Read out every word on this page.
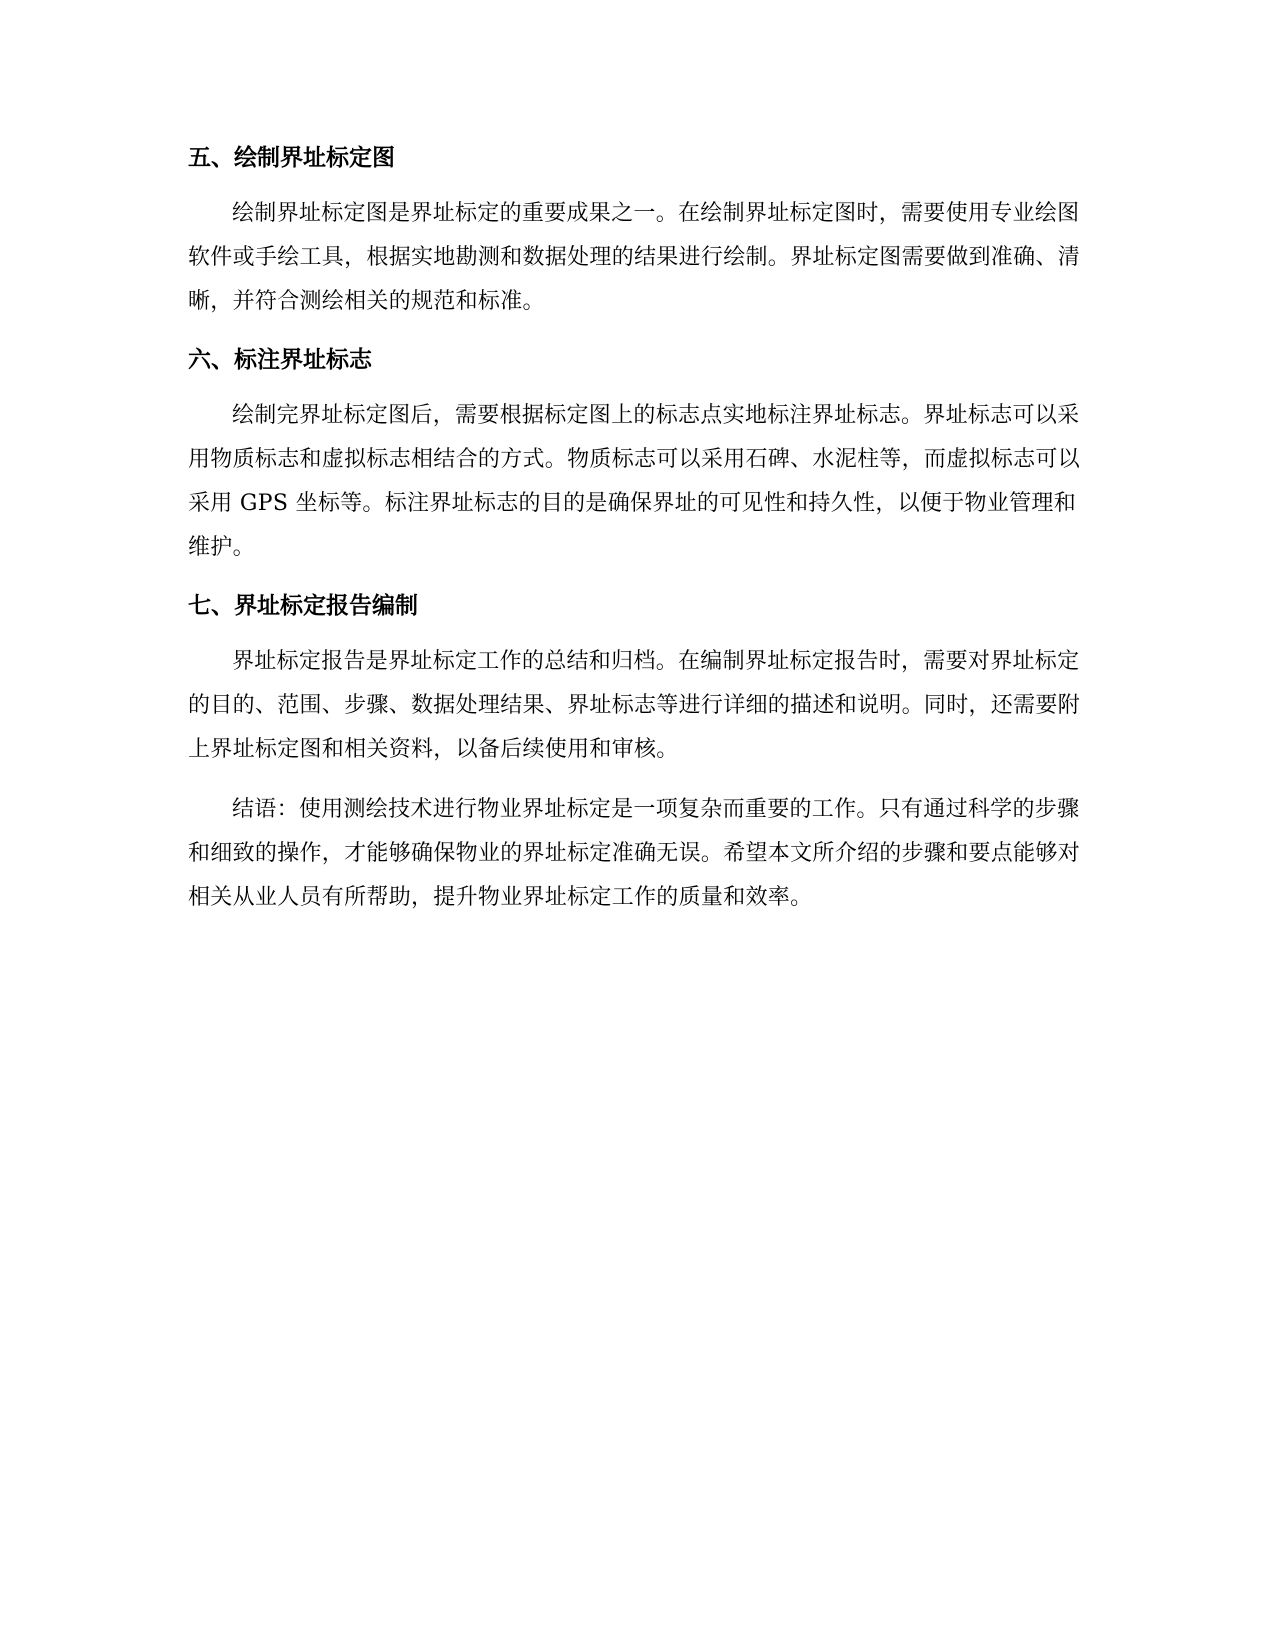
五、绘制界址标定图

绘制界址标定图是界址标定的重要成果之一。在绘制界址标定图时，需要使用专业绘图软件或手绘工具，根据实地勘测和数据处理的结果进行绘制。界址标定图需要做到准确、清晰，并符合测绘相关的规范和标准。

六、标注界址标志

绘制完界址标定图后，需要根据标定图上的标志点实地标注界址标志。界址标志可以采用物质标志和虚拟标志相结合的方式。物质标志可以采用石碑、水泥柱等，而虚拟标志可以采用 GPS 坐标等。标注界址标志的目的是确保界址的可见性和持久性，以便于物业管理和维护。

七、界址标定报告编制

界址标定报告是界址标定工作的总结和归档。在编制界址标定报告时，需要对界址标定的目的、范围、步骤、数据处理结果、界址标志等进行详细的描述和说明。同时，还需要附上界址标定图和相关资料，以备后续使用和审核。

结语：使用测绘技术进行物业界址标定是一项复杂而重要的工作。只有通过科学的步骤和细致的操作，才能够确保物业的界址标定准确无误。希望本文所介绍的步骤和要点能够对相关从业人员有所帮助，提升物业界址标定工作的质量和效率。
